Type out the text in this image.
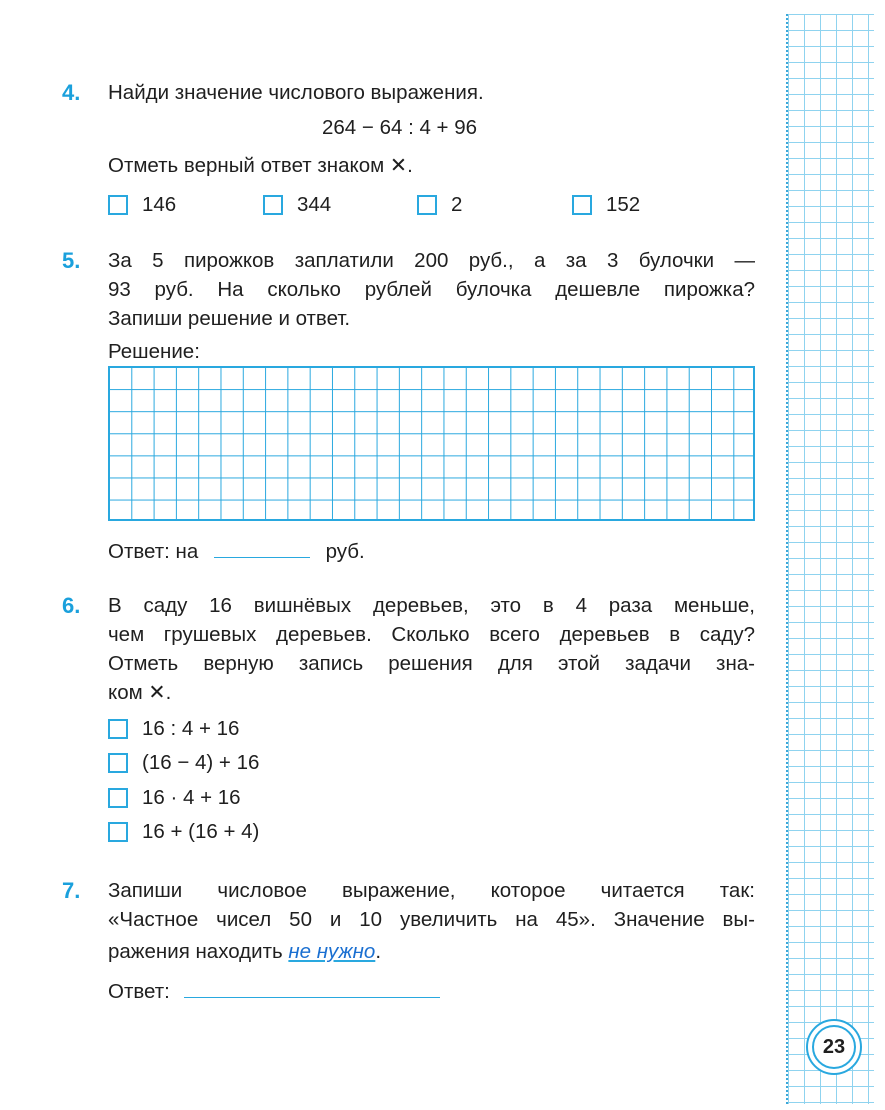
4. Найди значение числового выражения.
264 − 64 : 4 + 96
Отметь верный ответ знаком ✕.
146	344	2	152
5. За 5 пирожков заплатили 200 руб., а за 3 булочки —
93 руб. На сколько рублей булочка дешевле пирожка?
Запиши решение и ответ.
Решение:
Ответ: на	руб.
6. В саду 16 вишнёвых деревьев, это в 4 раза меньше,
чем грушевых деревьев. Сколько всего деревьев в саду?
Отметь верную запись решения для этой задачи зна-
ком ✕.
16 : 4 + 16
(16 − 4) + 16
16 · 4 + 16
16 + (16 + 4)
7. Запиши числовое выражение, которое читается так:
«Частное чисел 50 и 10 увеличить на 45». Значение вы-
ражения находить не нужно.
Ответ:
23
